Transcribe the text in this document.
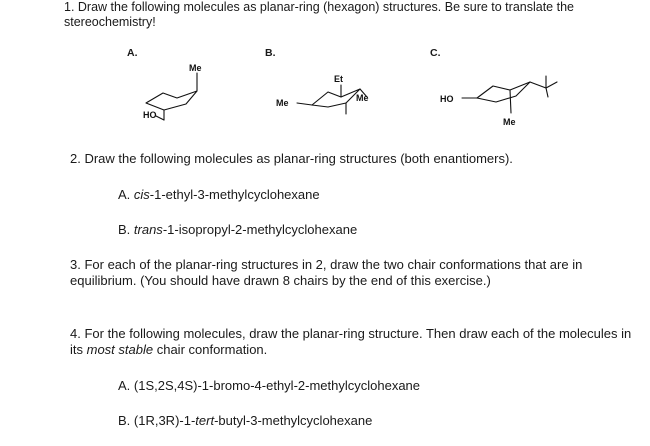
1. Draw the following molecules as planar-ring (hexagon) structures. Be sure to translate the stereochemistry!
A.	B.	C.
Me
HO
Et
Me	Me	HO
Me
2. Draw the following molecules as planar-ring structures (both enantiomers).
A. cis-1-ethyl-3-methylcyclohexane
B. trans-1-isopropyl-2-methylcyclohexane
3. For each of the planar-ring structures in 2, draw the two chair conformations that are in equilibrium. (You should have drawn 8 chairs by the end of this exercise.)
4. For the following molecules, draw the planar-ring structure. Then draw each of the molecules in its most stable chair conformation.
A. (1S,2S,4S)-1-bromo-4-ethyl-2-methylcyclohexane
B. (1R,3R)-1-tert-butyl-3-methylcyclohexane
